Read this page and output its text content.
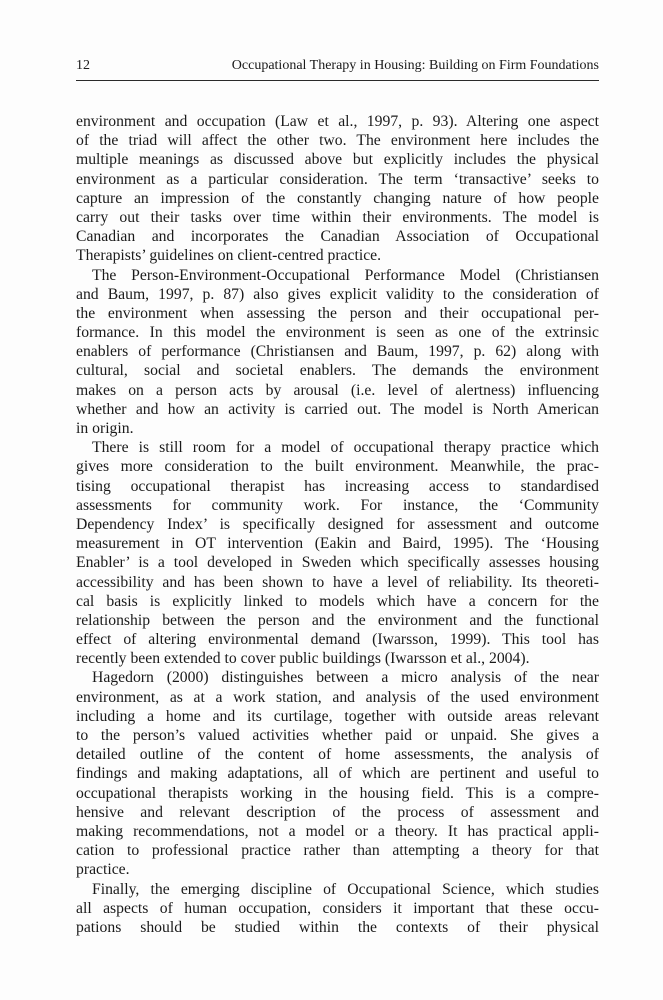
12	Occupational Therapy in Housing: Building on Firm Foundations
environment and occupation (Law et al., 1997, p. 93). Altering one aspect
of the triad will affect the other two. The environment here includes the
multiple meanings as discussed above but explicitly includes the physical
environment as a particular consideration. The term ‘transactive’ seeks to
capture an impression of the constantly changing nature of how people
carry out their tasks over time within their environments. The model is
Canadian and incorporates the Canadian Association of Occupational
Therapists’ guidelines on client-centred practice.
The Person-Environment-Occupational Performance Model (Christiansen
and Baum, 1997, p. 87) also gives explicit validity to the consideration of
the environment when assessing the person and their occupational per-
formance. In this model the environment is seen as one of the extrinsic
enablers of performance (Christiansen and Baum, 1997, p. 62) along with
cultural, social and societal enablers. The demands the environment
makes on a person acts by arousal (i.e. level of alertness) influencing
whether and how an activity is carried out. The model is North American
in origin.
There is still room for a model of occupational therapy practice which
gives more consideration to the built environment. Meanwhile, the prac-
tising occupational therapist has increasing access to standardised
assessments for community work. For instance, the ‘Community
Dependency Index’ is specifically designed for assessment and outcome
measurement in OT intervention (Eakin and Baird, 1995). The ‘Housing
Enabler’ is a tool developed in Sweden which specifically assesses housing
accessibility and has been shown to have a level of reliability. Its theoreti-
cal basis is explicitly linked to models which have a concern for the
relationship between the person and the environment and the functional
effect of altering environmental demand (Iwarsson, 1999). This tool has
recently been extended to cover public buildings (Iwarsson et al., 2004).
Hagedorn (2000) distinguishes between a micro analysis of the near
environment, as at a work station, and analysis of the used environment
including a home and its curtilage, together with outside areas relevant
to the person’s valued activities whether paid or unpaid. She gives a
detailed outline of the content of home assessments, the analysis of
findings and making adaptations, all of which are pertinent and useful to
occupational therapists working in the housing field. This is a compre-
hensive and relevant description of the process of assessment and
making recommendations, not a model or a theory. It has practical appli-
cation to professional practice rather than attempting a theory for that
practice.
Finally, the emerging discipline of Occupational Science, which studies
all aspects of human occupation, considers it important that these occu-
pations should be studied within the contexts of their physical
